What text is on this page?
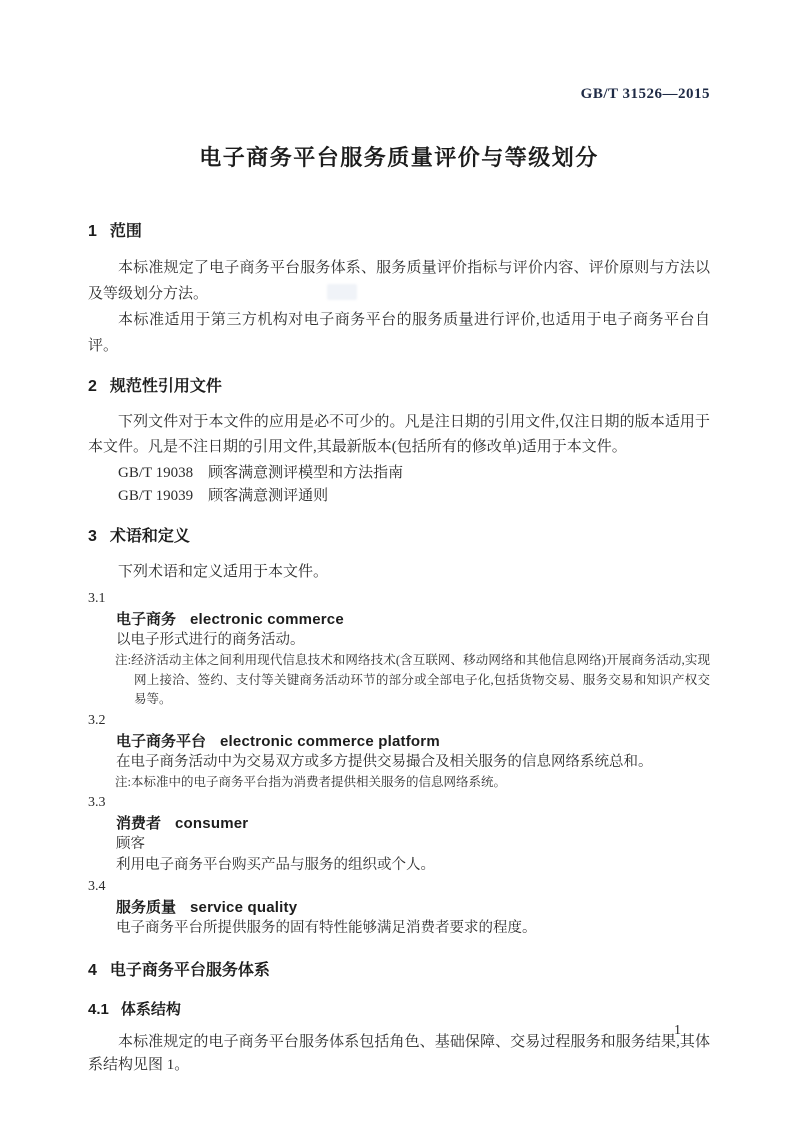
GB/T 31526—2015
电子商务平台服务质量评价与等级划分
1 范围

本标准规定了电子商务平台服务体系、服务质量评价指标与评价内容、评价原则与方法以及等级划分方法。

本标准适用于第三方机构对电子商务平台的服务质量进行评价,也适用于电子商务平台自评。

2 规范性引用文件

下列文件对于本文件的应用是必不可少的。凡是注日期的引用文件,仅注日期的版本适用于本文件。凡是不注日期的引用文件,其最新版本(包括所有的修改单)适用于本文件。

GB/T 19038　顾客满意测评模型和方法指南
GB/T 19039　顾客满意测评通则
3 术语和定义

下列术语和定义适用于本文件。

3.1
电子商务 electronic commerce
以电子形式进行的商务活动。
注:经济活动主体之间利用现代信息技术和网络技术(含互联网、移动网络和其他信息网络)开展商务活动,实现网上接洽、签约、支付等关键商务活动环节的部分或全部电子化,包括货物交易、服务交易和知识产权交易等。
3.2
电子商务平台 electronic commerce platform
在电子商务活动中为交易双方或多方提供交易撮合及相关服务的信息网络系统总和。
注:本标准中的电子商务平台指为消费者提供相关服务的信息网络系统。
3.3
消费者 consumer
顾客
利用电子商务平台购买产品与服务的组织或个人。
3.4
服务质量 service quality
电子商务平台所提供服务的固有特性能够满足消费者要求的程度。
4 电子商务平台服务体系
4.1 体系结构

本标准规定的电子商务平台服务体系包括角色、基础保障、交易过程服务和服务结果,其体系结构见图 1。

1
